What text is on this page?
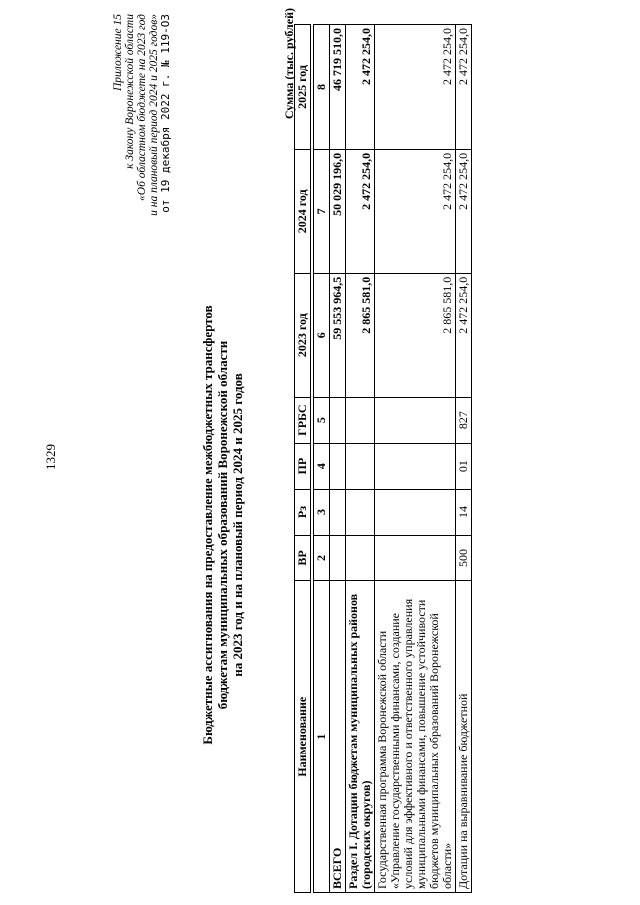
1329
Приложение 15 к Закону Воронежской области «Об областном бюджете на 2023 год и на плановый период 2024 и 2025 годов» от 19 декабря 2022 г. № 119-ОЗ
Бюджетные ассигнования на предоставление межбюджетных трансфертов бюджетам муниципальных образований Воронежской области на 2023 год и на плановый период 2024 и 2025 годов
Сумма (тыс. рублей)
Наименование	ВР	Рз	ПР	ГРБС	2023 год	2024 год	2025 год

1	2	3	4	5	6	7	8
ВСЕГО					59 553 964,5	50 029 196,0	46 719 510,0
Раздел I. Дотации бюджетам муниципальных районов (городских округов)					2 865 581,0	2 472 254,0	2 472 254,0
Государственная программа Воронежской области «Управление государственными финансами, создание условий для эффективного и ответственного управления муниципальными финансами, повышение устойчивости бюджетов муниципальных образований Воронежской области»					2 865 581,0	2 472 254,0	2 472 254,0
Дотации на выравнивание бюджетной	500	14	01	827	2 472 254,0	2 472 254,0	2 472 254,0
